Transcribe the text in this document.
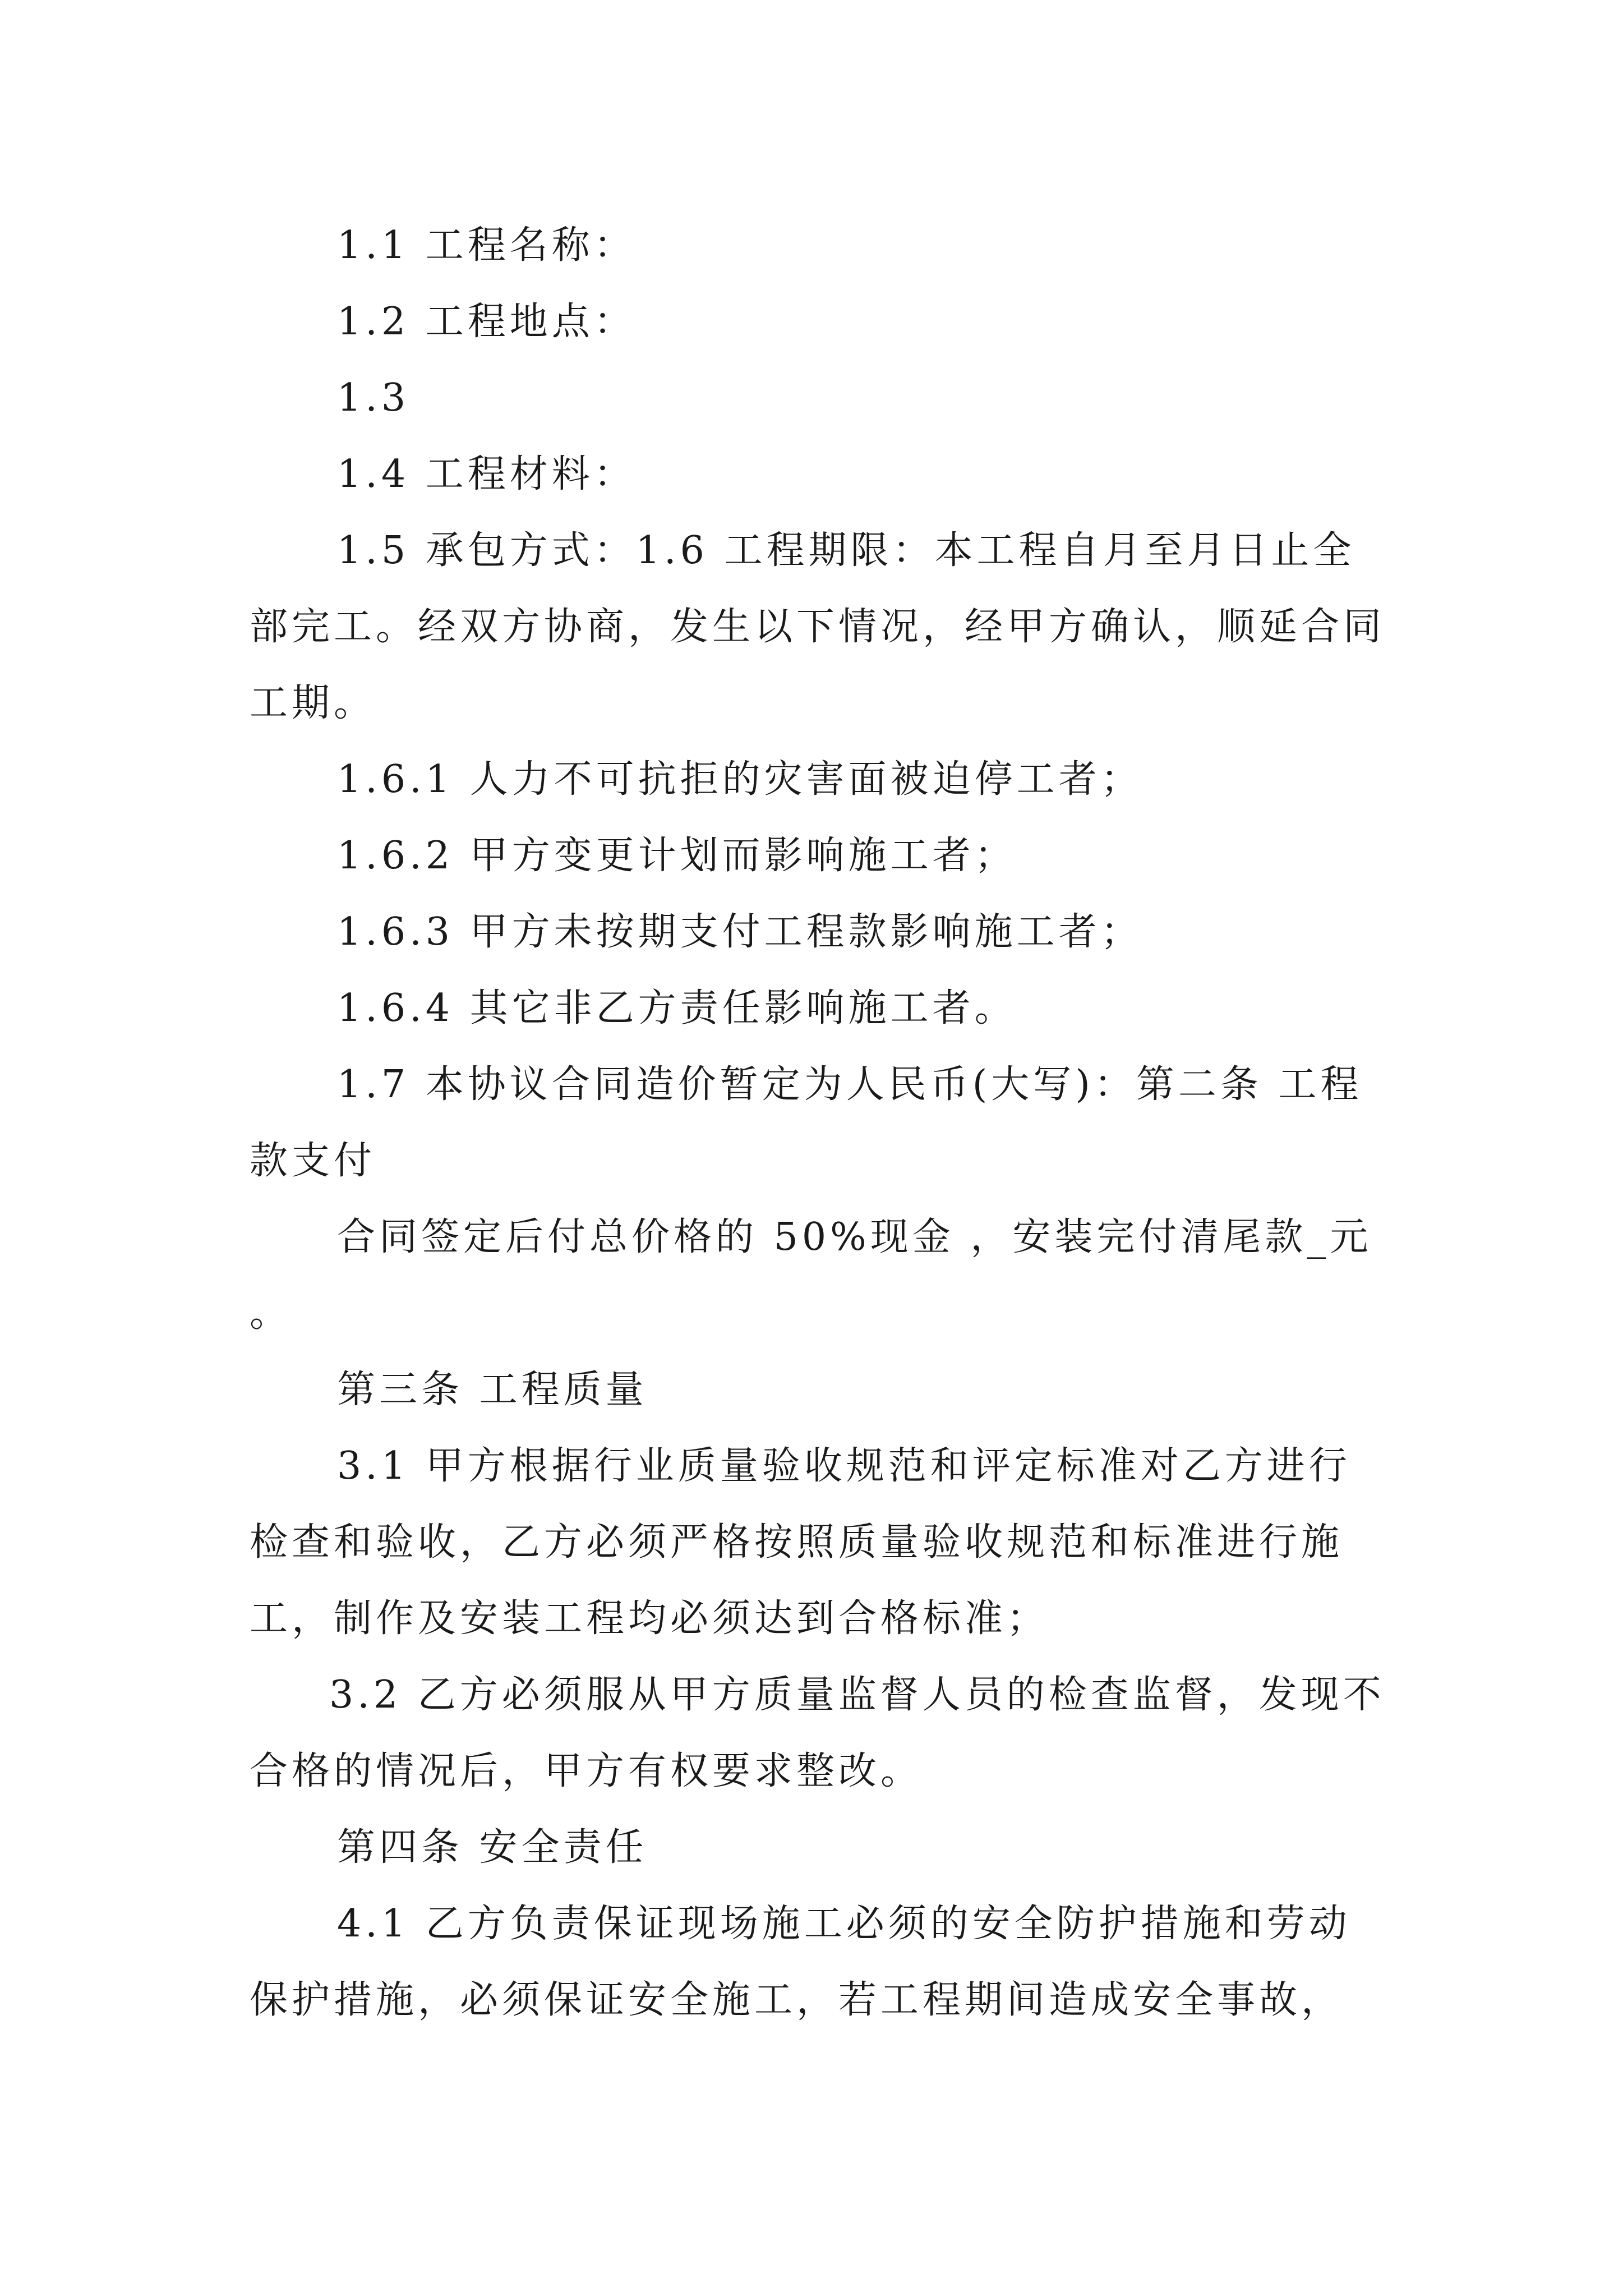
1.1 工程名称：

1.2 工程地点：

1.3

1.4 工程材料：

1.5 承包方式：1.6 工程期限：本工程自月至月日止全部完工。经双方协商，发生以下情况，经甲方确认，顺延合同工期。

1.6.1 人力不可抗拒的灾害面被迫停工者；

1.6.2 甲方变更计划而影响施工者；

1.6.3 甲方未按期支付工程款影响施工者；

1.6.4 其它非乙方责任影响施工者。

1.7 本协议合同造价暂定为人民币(大写)：第二条 工程款支付

合同签定后付总价格的 50%现金 ，安装完付清尾款_元 。

第三条 工程质量

3.1 甲方根据行业质量验收规范和评定标准对乙方进行检查和验收，乙方必须严格按照质量验收规范和标准进行施工，制作及安装工程均必须达到合格标准；

3.2 乙方必须服从甲方质量监督人员的检查监督，发现不合格的情况后，甲方有权要求整改。

第四条 安全责任

4.1 乙方负责保证现场施工必须的安全防护措施和劳动保护措施，必须保证安全施工，若工程期间造成安全事故，
